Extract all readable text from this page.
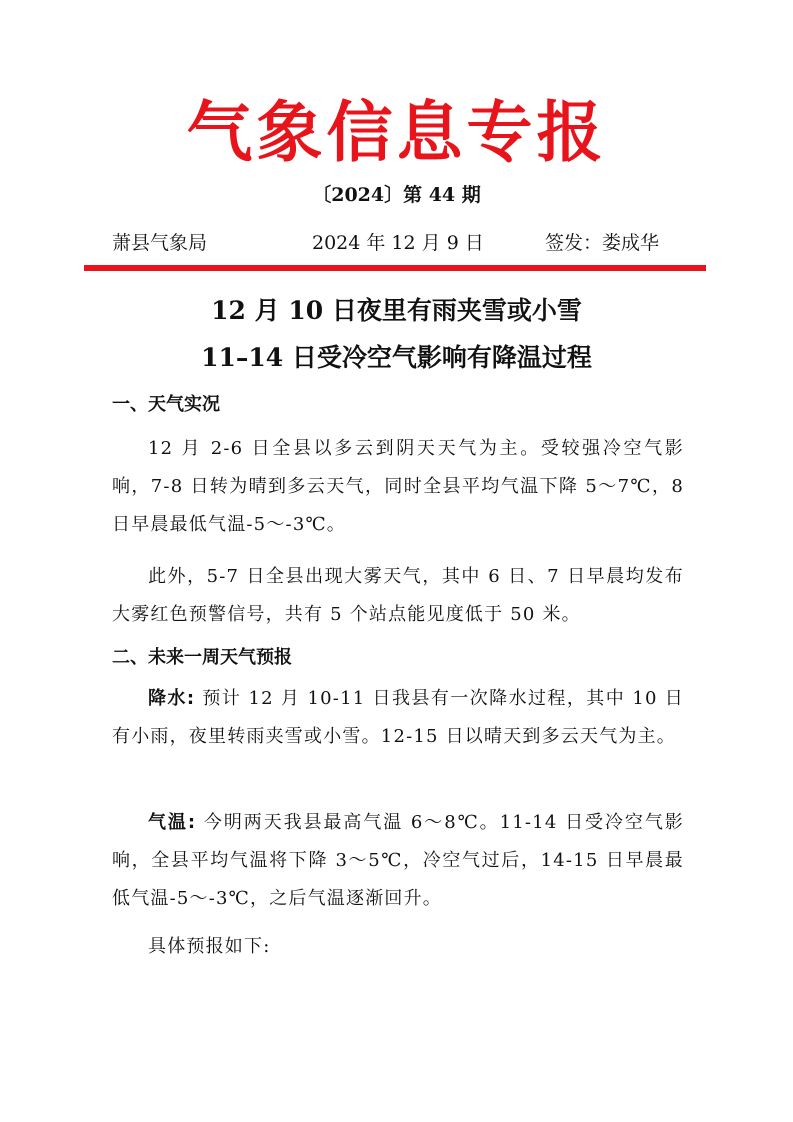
气象信息专报
〔2024〕第 44 期
萧县气象局	2024 年 12 月 9 日	签发：娄成华
12 月 10 日夜里有雨夹雪或小雪
11–14 日受冷空气影响有降温过程
一、天气实况
12 月 2-6 日全县以多云到阴天天气为主。受较强冷空气影响，7-8 日转为晴到多云天气，同时全县平均气温下降 5～7℃，8 日早晨最低气温-5～-3℃。
此外，5-7 日全县出现大雾天气，其中 6 日、7 日早晨均发布大雾红色预警信号，共有 5 个站点能见度低于 50 米。
二、未来一周天气预报
降水: 预计 12 月 10-11 日我县有一次降水过程，其中 10 日有小雨，夜里转雨夹雪或小雪。12-15 日以晴天到多云天气为主。
气温: 今明两天我县最高气温 6～8℃。11-14 日受冷空气影响，全县平均气温将下降 3～5℃，冷空气过后，14-15 日早晨最低气温-5～-3℃，之后气温逐渐回升。
具体预报如下:
